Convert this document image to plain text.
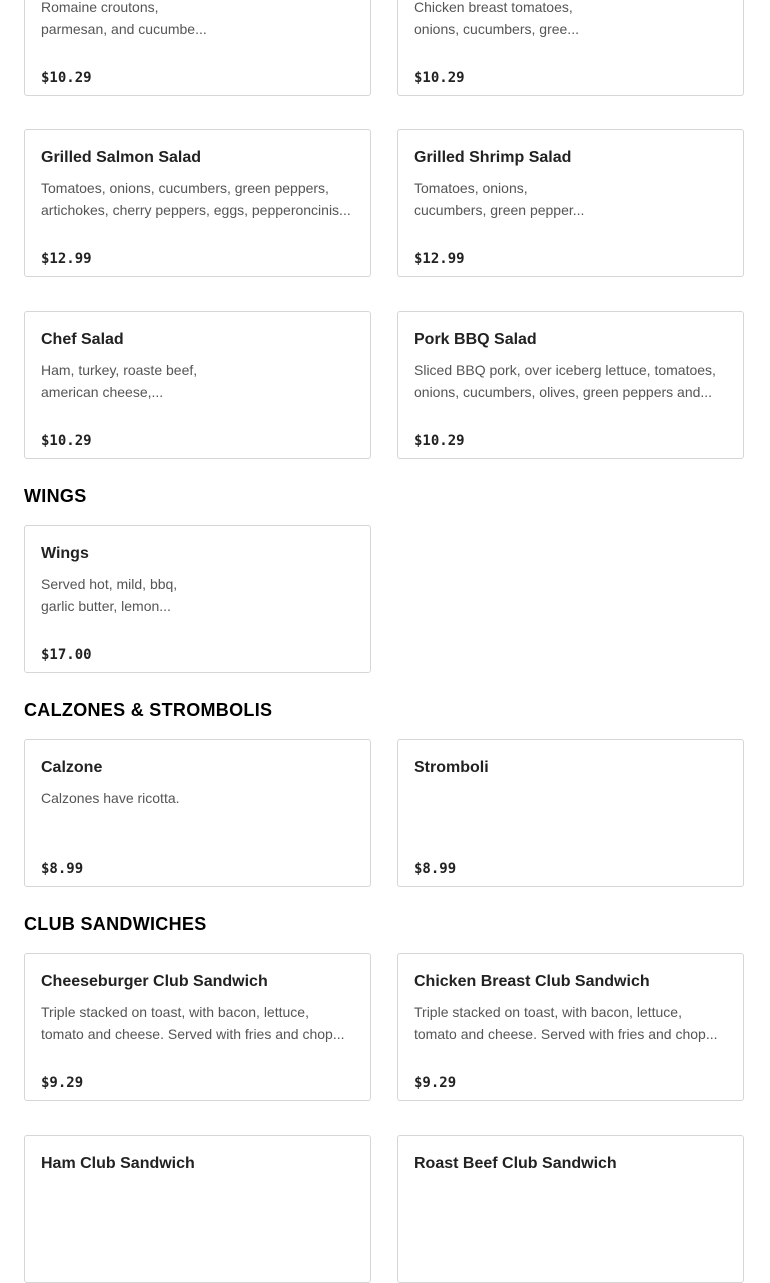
Romaine croutons,
parmesan, and cucumbe...
$10.29
Chicken breast tomatoes,
onions, cucumbers, gree...
$10.29
Grilled Salmon Salad
Tomatoes, onions, cucumbers, green peppers,
artichokes, cherry peppers, eggs, pepperoncinis...
$12.99
Grilled Shrimp Salad
Tomatoes, onions,
cucumbers, green pepper...
$12.99
Chef Salad
Ham, turkey, roaste beef,
american cheese,...
$10.29
Pork BBQ Salad
Sliced BBQ pork, over iceberg lettuce, tomatoes,
onions, cucumbers, olives, green peppers and...
$10.29
WINGS
Wings
Served hot, mild, bbq,
garlic butter, lemon...
$17.00
CALZONES & STROMBOLIS
Calzone
Calzones have ricotta.
$8.99
Stromboli
$8.99
CLUB SANDWICHES
Cheeseburger Club Sandwich
Triple stacked on toast, with bacon, lettuce,
tomato and cheese. Served with fries and chop...
$9.29
Chicken Breast Club Sandwich
Triple stacked on toast, with bacon, lettuce,
tomato and cheese. Served with fries and chop...
$9.29
Ham Club Sandwich	Roast Beef Club Sandwich
